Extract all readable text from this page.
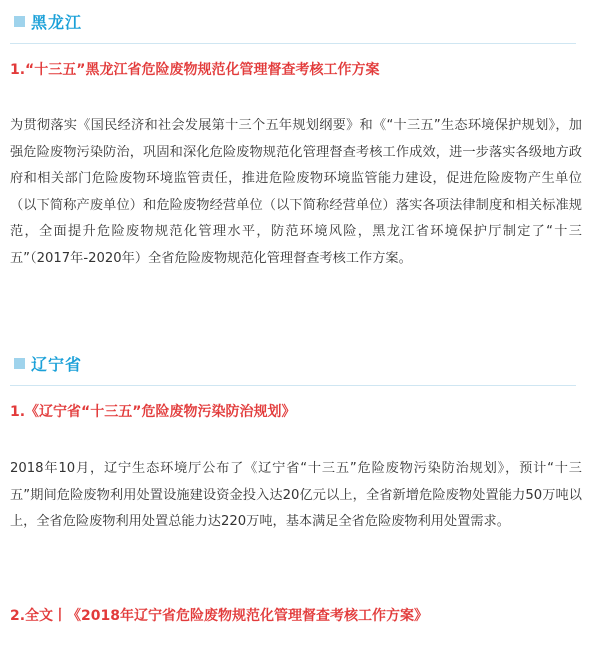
黑龙江
1.“十三五”黑龙江省危险废物规范化管理督查考核工作方案

为贯彻落实《国民经济和社会发展第十三个五年规划纲要》和《“十三五”生态环境保护规划》，加强危险废物污染防治，巩固和深化危险废物规范化管理督查考核工作成效，进一步落实各级地方政府和相关部门危险废物环境监管责任，推进危险废物环境监管能力建设，促进危险废物产生单位（以下简称产废单位）和危险废物经营单位（以下简称经营单位）落实各项法律制度和相关标准规范，全面提升危险废物规范化管理水平，防范环境风险，黑龙江省环境保护厅制定了“十三五”（2017年-2020年）全省危险废物规范化管理督查考核工作方案。

辽宁省
1.《辽宁省“十三五”危险废物污染防治规划》

2018年10月，辽宁生态环境厅公布了《辽宁省“十三五”危险废物污染防治规划》，预计“十三五”期间危险废物利用处置设施建设资金投入达20亿元以上，全省新增危险废物处置能力50万吨以上，全省危险废物利用处置总能力达220万吨，基本满足全省危险废物利用处置需求。

2.全文丨《2018年辽宁省危险废物规范化管理督查考核工作方案》
